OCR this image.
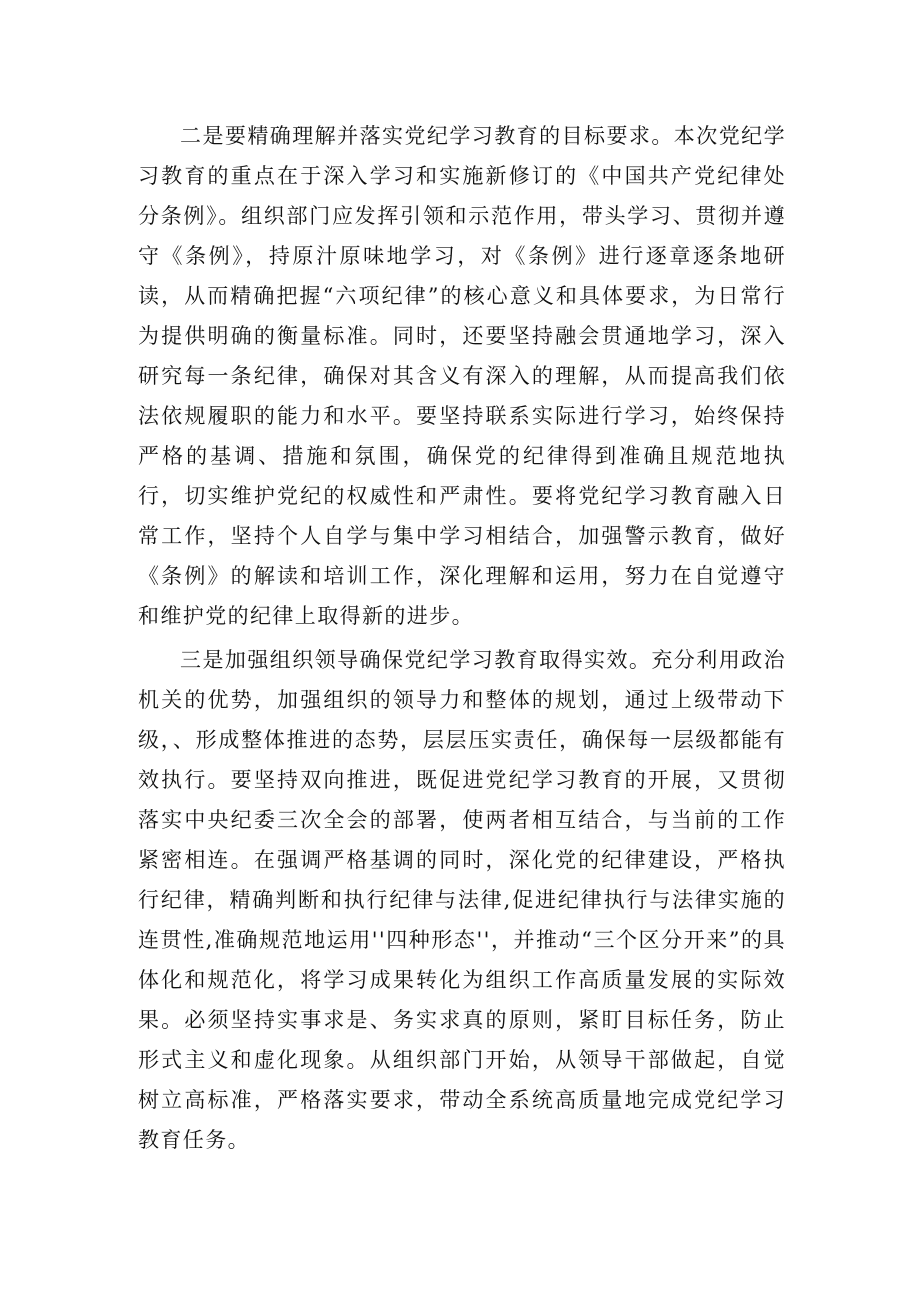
二是要精确理解并落实党纪学习教育的目标要求。本次党纪学习教育的重点在于深入学习和实施新修订的《中国共产党纪律处分条例》。组织部门应发挥引领和示范作用，带头学习、贯彻并遵守《条例》，持原汁原味地学习，对《条例》进行逐章逐条地研读，从而精确把握“六项纪律”的核心意义和具体要求，为日常行为提供明确的衡量标准。同时，还要坚持融会贯通地学习，深入研究每一条纪律，确保对其含义有深入的理解，从而提高我们依法依规履职的能力和水平。要坚持联系实际进行学习，始终保持严格的基调、措施和氛围，确保党的纪律得到准确且规范地执行，切实维护党纪的权威性和严肃性。要将党纪学习教育融入日常工作，坚持个人自学与集中学习相结合，加强警示教育，做好《条例》的解读和培训工作，深化理解和运用，努力在自觉遵守和维护党的纪律上取得新的进步。

三是加强组织领导确保党纪学习教育取得实效。充分利用政治机关的优势，加强组织的领导力和整体的规划，通过上级带动下级，、形成整体推进的态势，层层压实责任，确保每一层级都能有效执行。要坚持双向推进，既促进党纪学习教育的开展，又贯彻落实中央纪委三次全会的部署，使两者相互结合，与当前的工作紧密相连。在强调严格基调的同时，深化党的纪律建设，严格执行纪律，精确判断和执行纪律与法律,促进纪律执行与法律实施的连贯性,准确规范地运用''四种形态''，并推动“三个区分开来”的具体化和规范化，将学习成果转化为组织工作高质量发展的实际效果。必须坚持实事求是、务实求真的原则，紧盯目标任务，防止形式主义和虚化现象。从组织部门开始，从领导干部做起，自觉树立高标准，严格落实要求，带动全系统高质量地完成党纪学习教育任务。
